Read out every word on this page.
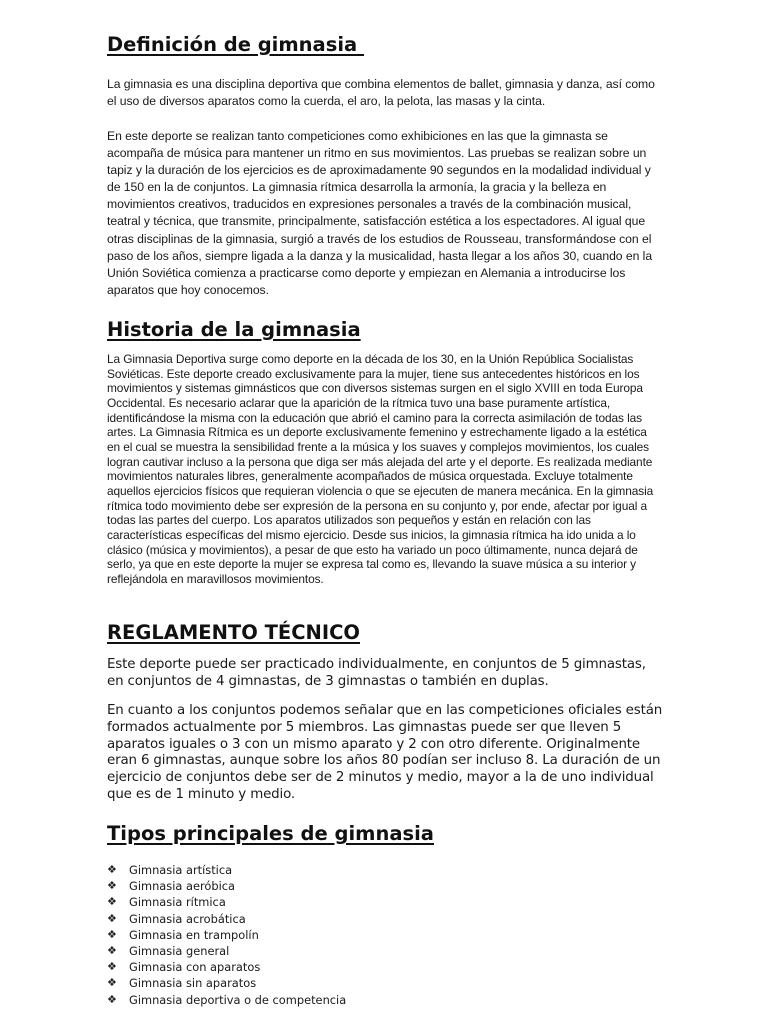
Definición de gimnasia

La gimnasia es una disciplina deportiva que combina elementos de ballet, gimnasia y danza, así como el uso de diversos aparatos como la cuerda, el aro, la pelota, las masas y la cinta.

En este deporte se realizan tanto competiciones como exhibiciones en las que la gimnasta se acompaña de música para mantener un ritmo en sus movimientos. Las pruebas se realizan sobre un tapiz y la duración de los ejercicios es de aproximadamente 90 segundos en la modalidad individual y de 150 en la de conjuntos. La gimnasia rítmica desarrolla la armonía, la gracia y la belleza en movimientos creativos, traducidos en expresiones personales a través de la combinación musical, teatral y técnica, que transmite, principalmente, satisfacción estética a los espectadores. Al igual que otras disciplinas de la gimnasia, surgió a través de los estudios de Rousseau, transformándose con el paso de los años, siempre ligada a la danza y la musicalidad, hasta llegar a los años 30, cuando en la Unión Soviética comienza a practicarse como deporte y empiezan en Alemania a introducirse los aparatos que hoy conocemos.

Historia de la gimnasia

La Gimnasia Deportiva surge como deporte en la década de los 30, en la Unión República Socialistas Soviéticas. Este deporte creado exclusivamente para la mujer, tiene sus antecedentes históricos en los movimientos y sistemas gimnásticos que con diversos sistemas surgen en el siglo XVIII en toda Europa Occidental. Es necesario aclarar que la aparición de la rítmica tuvo una base puramente artística, identificándose la misma con la educación que abrió el camino para la correcta asimilación de todas las artes. La Gimnasia Rítmica es un deporte exclusivamente femenino y estrechamente ligado a la estética en el cual se muestra la sensibilidad frente a la música y los suaves y complejos movimientos, los cuales logran cautivar incluso a la persona que diga ser más alejada del arte y el deporte. Es realizada mediante movimientos naturales libres, generalmente acompañados de música orquestada. Excluye totalmente aquellos ejercicios físicos que requieran violencia o que se ejecuten de manera mecánica. En la gimnasia rítmica todo movimiento debe ser expresión de la persona en su conjunto y, por ende, afectar por igual a todas las partes del cuerpo. Los aparatos utilizados son pequeños y están en relación con las características específicas del mismo ejercicio. Desde sus inicios, la gimnasia rítmica ha ido unida a lo clásico (música y movimientos), a pesar de que esto ha variado un poco últimamente, nunca dejará de serlo, ya que en este deporte la mujer se expresa tal como es, llevando la suave música a su interior y reflejándola en maravillosos movimientos.

REGLAMENTO TÉCNICO

Este deporte puede ser practicado individualmente, en conjuntos de 5 gimnastas, en conjuntos de 4 gimnastas, de 3 gimnastas o también en duplas.

En cuanto a los conjuntos podemos señalar que en las competiciones oficiales están formados actualmente por 5 miembros. Las gimnastas puede ser que lleven 5 aparatos iguales o 3 con un mismo aparato y 2 con otro diferente. Originalmente eran 6 gimnastas, aunque sobre los años 80 podían ser incluso 8. La duración de un ejercicio de conjuntos debe ser de 2 minutos y medio, mayor a la de uno individual que es de 1 minuto y medio.

Tipos principales de gimnasia
❖ Gimnasia artística
❖ Gimnasia aeróbica
❖ Gimnasia rítmica
❖ Gimnasia acrobática
❖ Gimnasia en trampolín
❖ Gimnasia general
❖ Gimnasia con aparatos
❖ Gimnasia sin aparatos
❖ Gimnasia deportiva o de competencia
